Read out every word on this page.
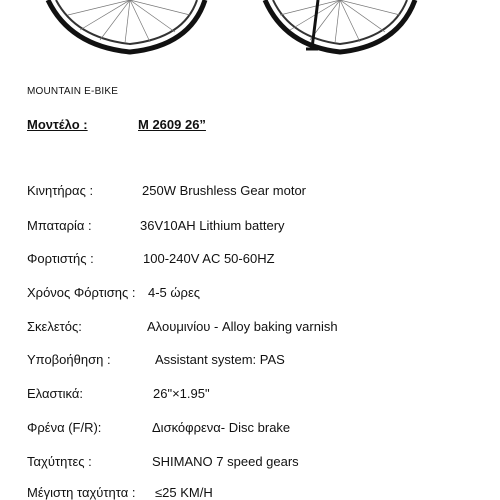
MOUNTAIN E-BIKE
Μοντέλο :	M 2609 26”
Κινητήρας :	250W Brushless Gear motor
Μπαταρία :	36V10AH Lithium battery
Φορτιστής :	100-240V AC 50-60HZ
Χρόνος Φόρτισης : 4-5 ώρες
Σκελετός:	Αλουμινίου - Alloy baking varnish
Υποβοήθηση :	Assistant system: PAS
Ελαστικά:	26"×1.95"
Φρένα (F/R):	Δισκόφρενα- Disc brake
Ταχύτητες :	SHIMANO 7 speed gears
Μέγιστη ταχύτητα : ≤25 KM/H
